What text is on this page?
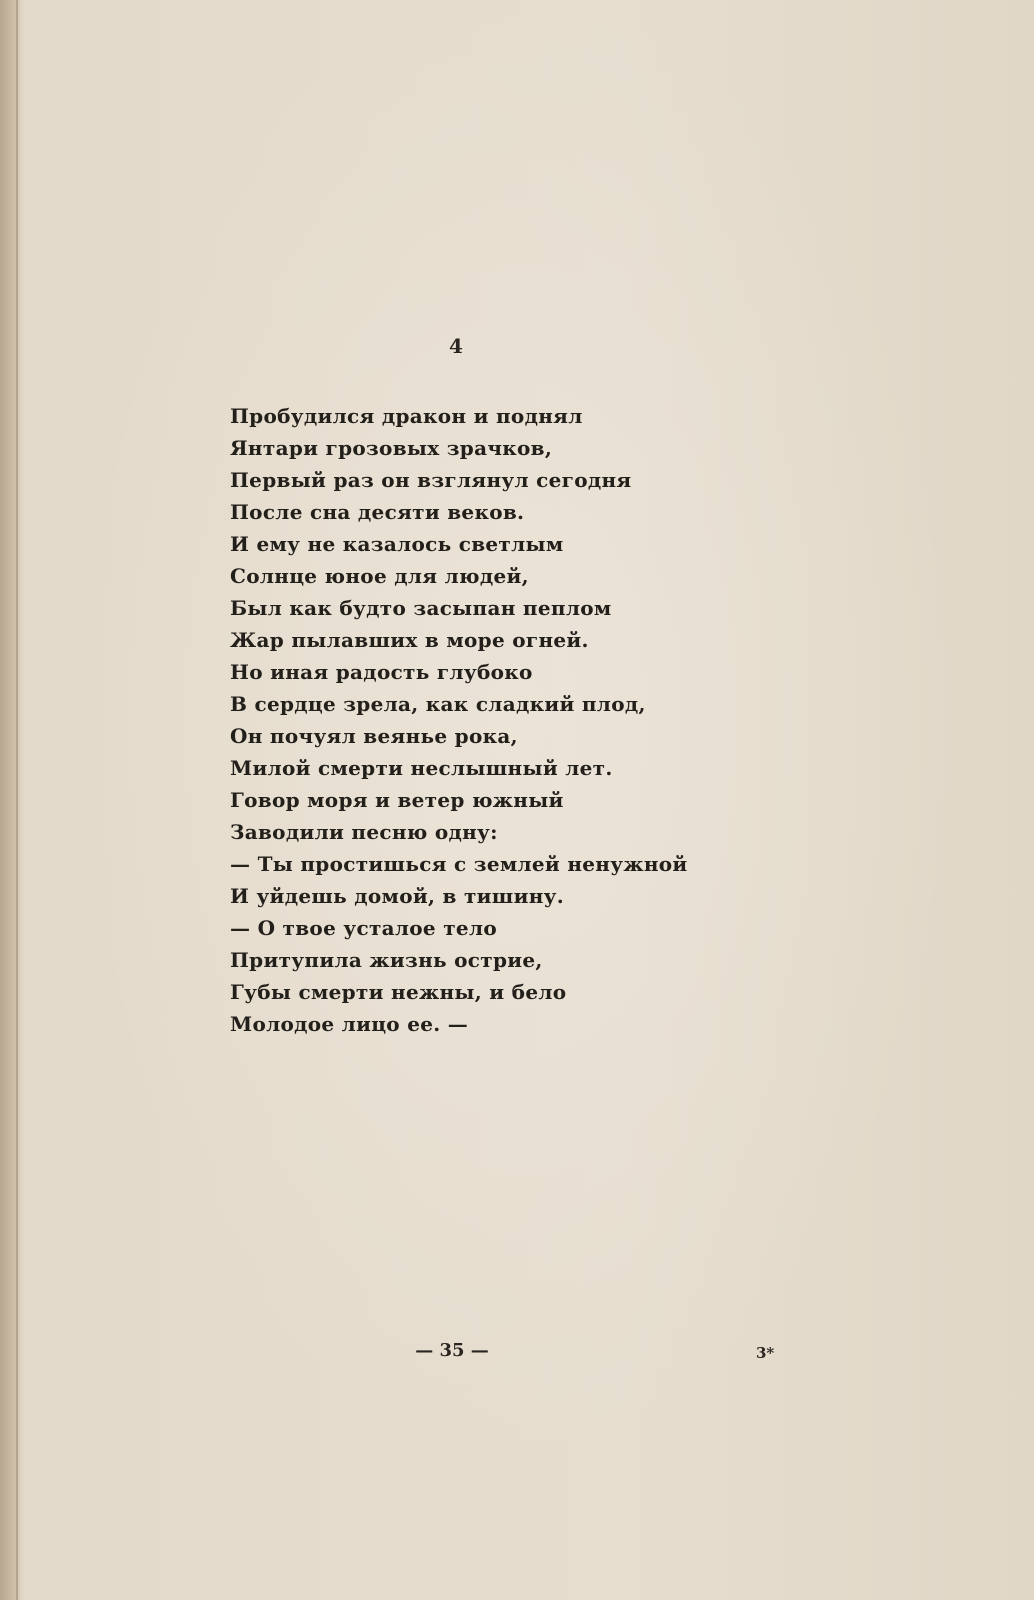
4
Пробудился дракон и поднял
Янтари грозовых зрачков,
Первый раз он взглянул сегодня
После сна десяти веков.
И ему не казалось светлым
Солнце юное для людей,
Был как будто засыпан пеплом
Жар пылавших в море огней.
Но иная радость глубоко
В сердце зрела, как сладкий плод,
Он почуял веянье рока,
Милой смерти неслышный лет.
Говор моря и ветер южный
Заводили песню одну:
— Ты простишься с землей ненужной
И уйдешь домой, в тишину.
— О твое усталое тело
Притупила жизнь острие,
Губы смерти нежны, и бело
Молодое лицо ее. —
— 35 —	3*
